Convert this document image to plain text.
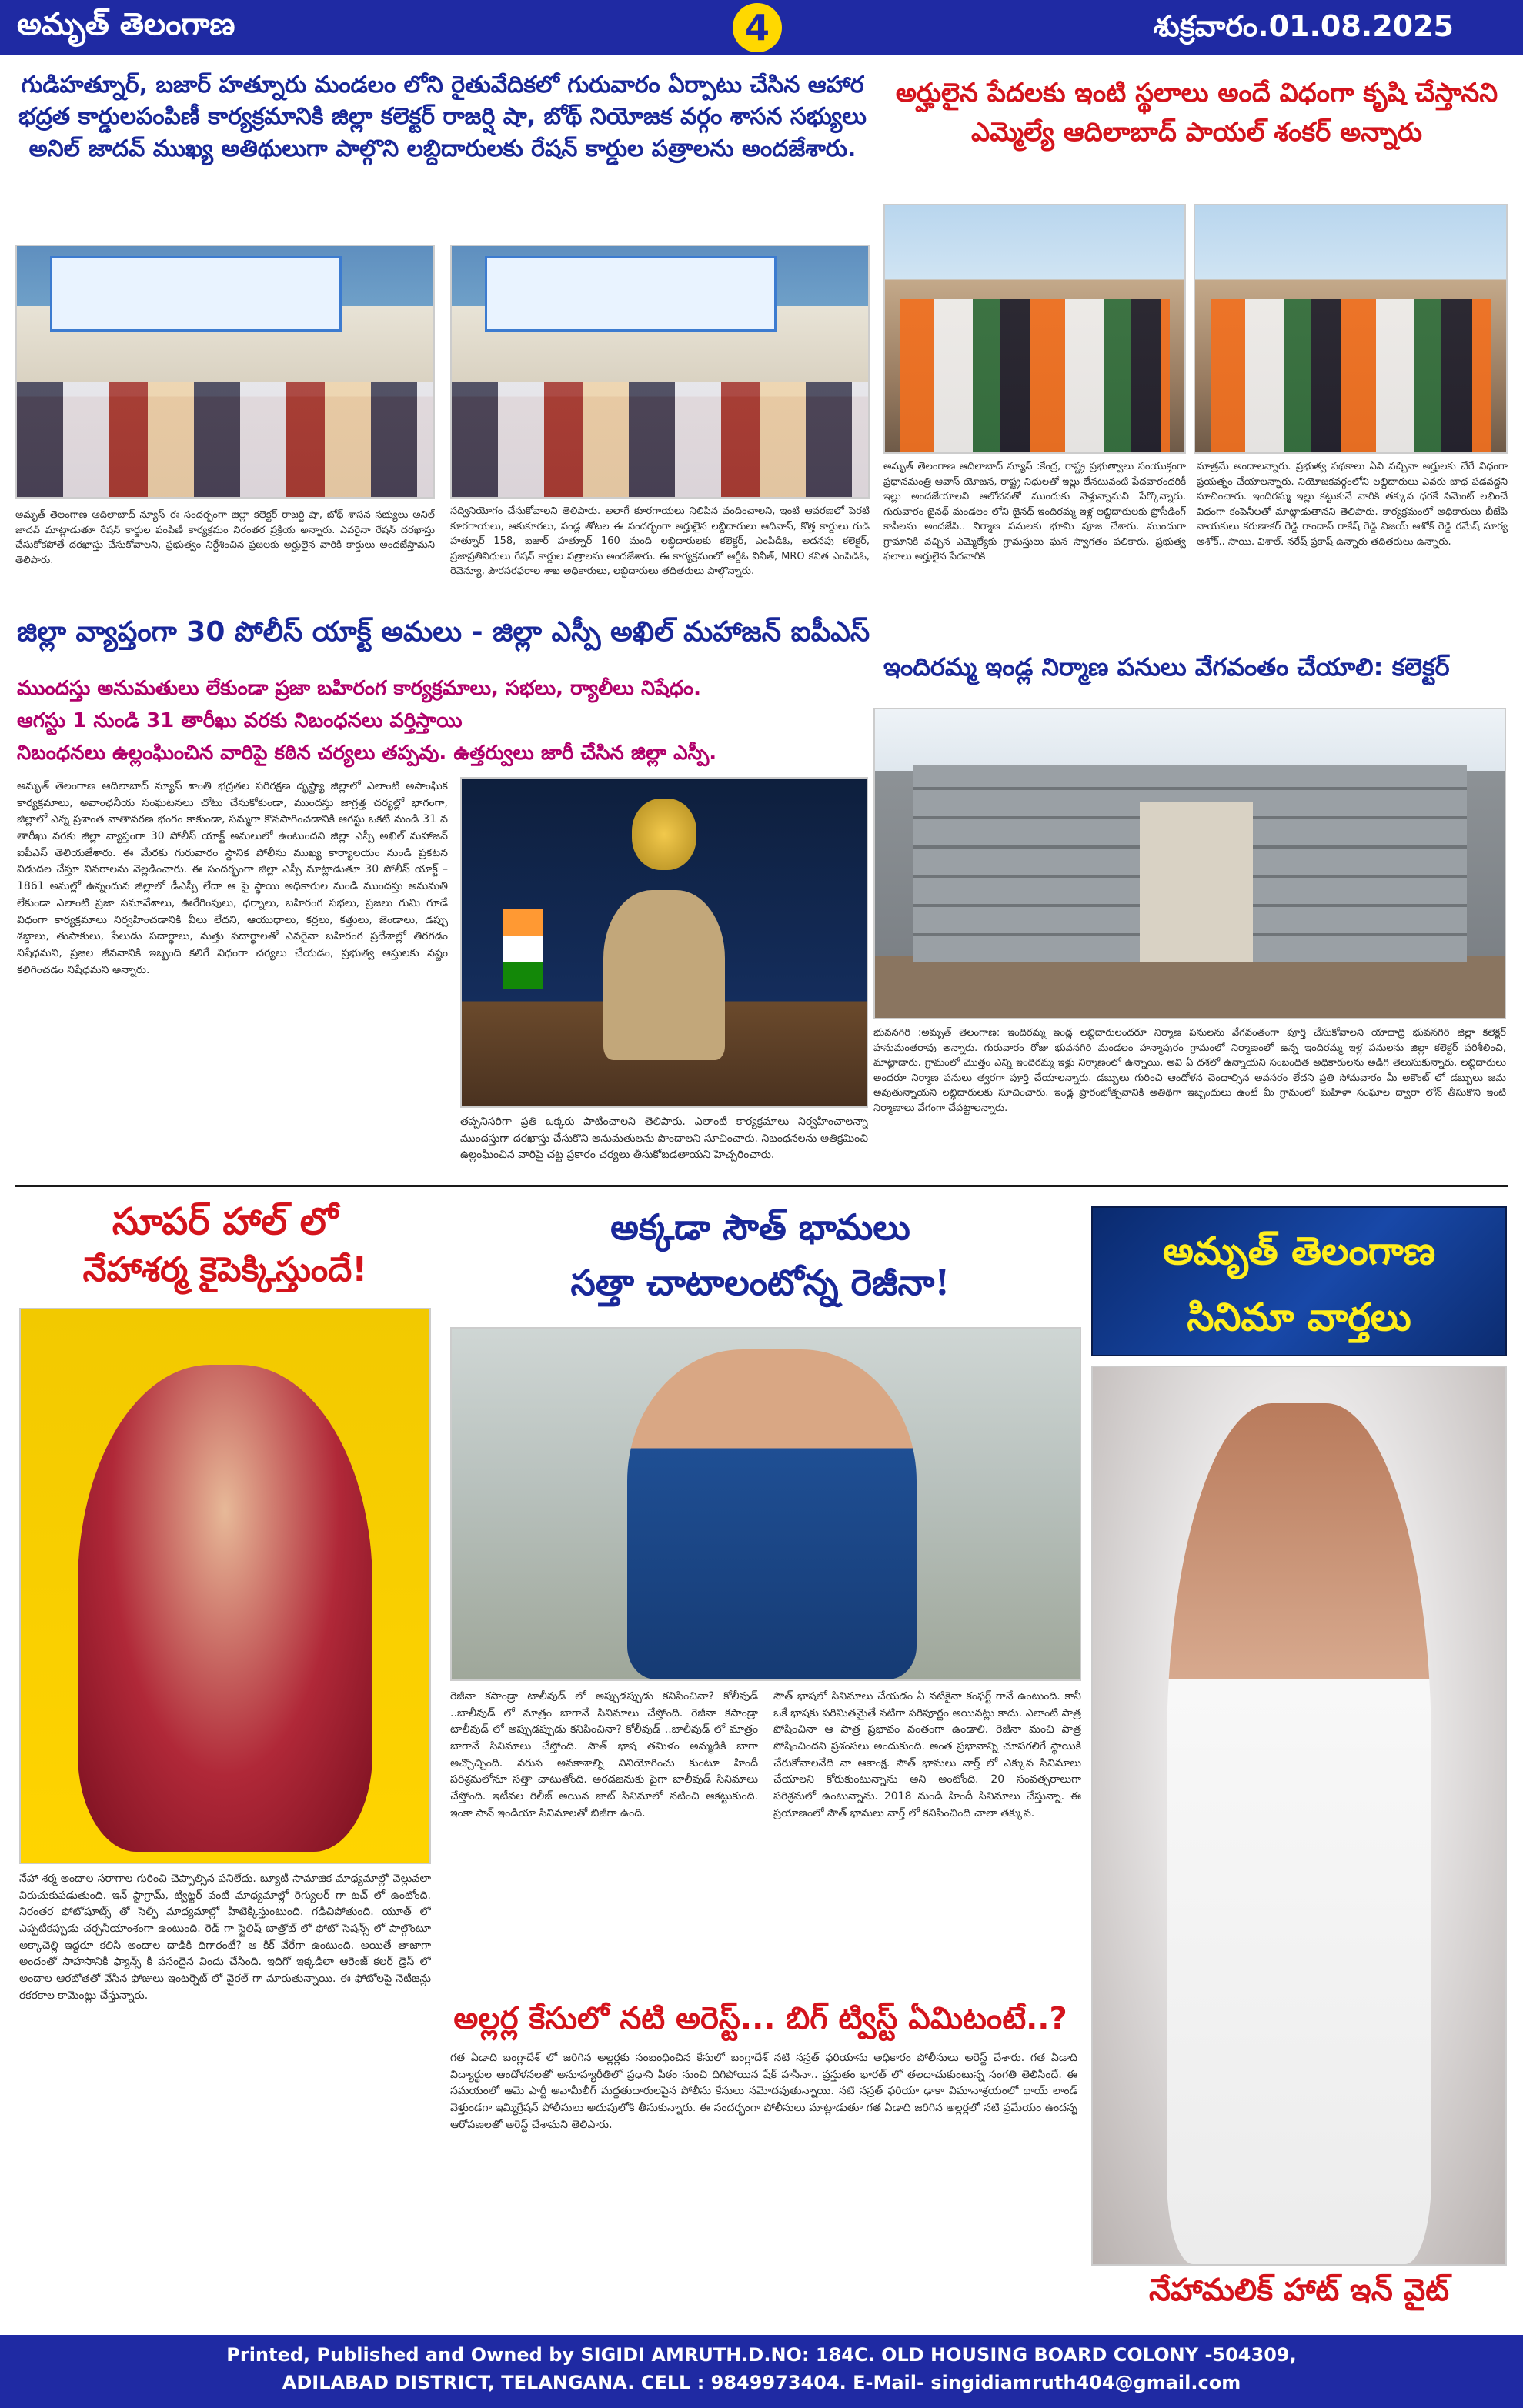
అమృత్ తెలంగాణ	4	శుక్రవారం.01.08.2025
గుడిహత్నూర్, బజార్ హత్నూరు మండలం లోని రైతువేదికలో గురువారం ఏర్పాటు చేసిన ఆహార భద్రత కార్డులపంపిణీ కార్యక్రమానికి జిల్లా కలెక్టర్ రాజర్షి షా, బోథ్ నియోజక వర్గం శాసన సభ్యులు అనిల్ జాదవ్ ముఖ్య అతిథులుగా పాల్గొని లబ్దిదారులకు రేషన్ కార్డుల పత్రాలను అందజేశారు.
అమృత్ తెలంగాణ ఆదిలాబాద్ న్యూస్ ఈ సందర్భంగా జిల్లా కలెక్టర్ రాజర్షి షా, బోథ్ శాసన సభ్యులు అనిల్ జాదవ్ మాట్లాడుతూ రేషన్ కార్డుల పంపిణీ కార్యక్రమం నిరంతర ప్రక్రియ అన్నారు. ఎవరైనా రేషన్ దరఖాస్తు చేసుకోకపోతే దరఖాస్తు చేసుకోవాలని, ప్రభుత్వం నిర్దేశించిన ప్రజలకు అర్హులైన వారికి కార్డులు అందజేస్తామని తెలిపారు.
సద్వినియోగం చేసుకోవాలని తెలిపారు. అలాగే కూరగాయలు నిలిపిన వందించాలని, ఇంటి ఆవరణలో పెరటి కూరగాయలు, ఆకుకూరలు, పండ్ల తోటల ఈ సందర్భంగా అర్హులైన లబ్దిదారులు ఆదివాస్, కొత్త కార్డులు గుడి హత్నూర్ 158, బజార్ హత్నూర్ 160 మంది లబ్ధిదారులకు కలెక్టర్, ఎంపిడిఓ, అదనపు కలెక్టర్, ప్రజాప్రతినిధులు రేషన్ కార్డుల పత్రాలను అందజేశారు. ఈ కార్యక్రమంలో ఆర్డీఓ వినీత్, MRO కవిత ఎంపిడిఓ, రెవెన్యూ, పౌరసరఫరాల శాఖ అధికారులు, లబ్దిదారులు తదితరులు పాల్గొన్నారు.
అర్హులైన పేదలకు ఇంటి స్థలాలు అందే విధంగా కృషి చేస్తానని ఎమ్మెల్యే ఆదిలాబాద్ పాయల్ శంకర్ అన్నారు
అమృత్ తెలంగాణ ఆదిలాబాద్ న్యూస్ :కేంద్ర, రాష్ట్ర ప్రభుత్వాలు సంయుక్తంగా ప్రధానమంత్రి ఆవాస్ యోజన, రాష్ట్ర నిధులతో ఇల్లు లేనటువంటి పేదవారందరికీ ఇల్లు అందజేయాలని ఆలోచనతో ముందుకు వెళ్తున్నామని పేర్కొన్నారు. గురువారం జైనథ్ మండలం లోని జైనథ్ ఇందిరమ్మ ఇళ్ల లబ్దిదారులకు ప్రొసీడింగ్ కాపీలను అందజేసి.. నిర్మాణ పనులకు భూమి పూజ చేశారు. ముందుగా గ్రామానికి వచ్చిన ఎమ్మెల్యేకు గ్రామస్తులు ఘన స్వాగతం పలికారు. ప్రభుత్వ ఫలాలు అర్హులైన పేదవారికి
మాత్రమే అందాలన్నారు. ప్రభుత్వ పథకాలు ఏవి వచ్చినా అర్హులకు చేరే విధంగా ప్రయత్నం చేయాలన్నారు. నియోజకవర్గంలోని లబ్దిదారులు ఎవరు బాధ పడవద్దని సూచించారు. ఇందిరమ్మ ఇల్లు కట్టుకునే వారికి తక్కువ ధరకే సిమెంట్ లభించే విధంగా కంపెనీలతో మాట్లాడుతానని తెలిపారు. కార్యక్రమంలో అధికారులు బీజేపి నాయకులు కరుణాకర్ రెడ్డి రాందాస్ రాకేష్ రెడ్డి విజయ్ ఆశోక్ రెడ్డి రమేష్ సూర్య అశోక్.. సాయి. విశాల్. నరేష్ ప్రకాష్ ఉన్నారు తదితరులు ఉన్నారు.
జిల్లా వ్యాప్తంగా 30 పోలీస్ యాక్ట్ అమలు - జిల్లా ఎస్పీ అఖిల్ మహాజన్ ఐపీఎస్
ముందస్తు అనుమతులు లేకుండా ప్రజా బహిరంగ కార్యక్రమాలు, సభలు, ర్యాలీలు నిషేధం.
ఆగస్టు 1 నుండి 31 తారీఖు వరకు నిబంధనలు వర్తిస్తాయి
నిబంధనలు ఉల్లంఘించిన వారిపై కఠిన చర్యలు తప్పవు. ఉత్తర్వులు జారీ చేసిన జిల్లా ఎస్పీ.
అమృత్ తెలంగాణ ఆదిలాబాద్ న్యూస్ శాంతి భద్రతల పరిరక్షణ దృష్ట్యా జిల్లాలో ఎలాంటి అసాంఘిక కార్యక్రమాలు, అవాంఛనీయ సంఘటనలు చోటు చేసుకోకుండా, ముందస్తు జాగ్రత్త చర్యల్లో భాగంగా, జిల్లాలో ఎన్న ప్రశాంత వాతావరణ భంగం కాకుండా, సమ్మగా కొనసాగించడానికి ఆగస్టు ఒకటి నుండి 31 వ తారీఖు వరకు జిల్లా వ్యాప్తంగా 30 పోలీస్ యాక్ట్ అమలులో ఉంటుందని జిల్లా ఎస్పీ అఖిల్ మహాజన్ ఐపీఎస్ తెలియజేశారు. ఈ మేరకు గురువారం స్థానిక పోలీసు ముఖ్య కార్యాలయం నుండి ప్రకటన విడుదల చేస్తూ వివరాలను వెల్లడించారు. ఈ సందర్భంగా జిల్లా ఎస్పీ మాట్లాడుతూ 30 పోలీస్ యాక్ట్ – 1861 అమల్లో ఉన్నందున జిల్లాలో డీఎస్పీ లేదా ఆ పై స్థాయి అధికారుల నుండి ముందస్తు అనుమతి లేకుండా ఎలాంటి ప్రజా సమావేశాలు, ఊరేగింపులు, ధర్నాలు, బహిరంగ సభలు, ప్రజలు గుమి గూడే విధంగా కార్యక్రమాలు నిర్వహించడానికి వీలు లేదని, ఆయుధాలు, కర్రలు, కత్తులు, జెండాలు, డప్పు శబ్దాలు, తుపాకులు, పేలుడు పదార్థాలు, మత్తు పదార్థాలతో ఎవరైనా బహిరంగ ప్రదేశాల్లో తిరగడం నిషేధమని, ప్రజల జీవనానికి ఇబ్బంది కలిగే విధంగా చర్యలు చేయడం, ప్రభుత్వ ఆస్తులకు నష్టం కలిగించడం నిషేధమని అన్నారు.
తప్పనిసరిగా ప్రతి ఒక్కరు పాటించాలని తెలిపారు. ఎలాంటి కార్యక్రమాలు నిర్వహించాలన్నా ముందస్తుగా దరఖాస్తు చేసుకొని అనుమతులను పొందాలని సూచించారు. నిబంధనలను అతిక్రమించి ఉల్లంఘించిన వారిపై చట్ట ప్రకారం చర్యలు తీసుకోబడతాయని హెచ్చరించారు.
ఇందిరమ్మ ఇండ్ల నిర్మాణ పనులు వేగవంతం చేయాలి: కలెక్టర్
భువనగిరి :అమృత్ తెలంగాణ: ఇందిరమ్మ ఇండ్ల లబ్ధిదారులందరూ నిర్మాణ పనులను వేగవంతంగా పూర్తి చేసుకోవాలని యాదాద్రి భువనగిరి జిల్లా కలెక్టర్ హనుమంతరావు అన్నారు. గురువారం రోజు భువనగిరి మండలం హన్మాపురం గ్రామంలో నిర్మాణంలో ఉన్న ఇందిరమ్మ ఇళ్ల పనులను జిల్లా కలెక్టర్ పరిశీలించి, మాట్లాడారు. గ్రామంలో మొత్తం ఎన్ని ఇందిరమ్మ ఇళ్లు నిర్మాణంలో ఉన్నాయి, అవి ఏ దశలో ఉన్నాయని సంబంధిత అధికారులను అడిగి తెలుసుకున్నారు. లబ్ధిదారులు అందరూ నిర్మాణ పనులు త్వరగా పూర్తి చేయాలన్నారు. డబ్బులు గురించి ఆందోళన చెందాల్సిన అవసరం లేదని ప్రతి సోమవారం మీ అకౌంట్ లో డబ్బులు జమ అవుతున్నాయని లబ్ధిదారులకు సూచించారు. ఇండ్ల ప్రారంభోత్సవానికి అతిథిగా ఇబ్బందులు ఉంటే మీ గ్రామంలో మహిళా సంఘాల ద్వారా లోన్ తీసుకొని ఇంటి నిర్మాణాలు వేగంగా చేపట్టాలన్నారు.
సూపర్ హాల్ లో
నేహాశర్మ కైపెక్కిస్తుందే!
నేహా శర్మ అందాల సరాగాల గురించి చెప్పాల్సిన పనిలేదు. బ్యూటీ సామాజిక మాధ్యమాల్లో వెల్లువలా విరుచుకుపడుతుంది. ఇన్ స్టాగ్రామ్, ట్విట్టర్ వంటి మాధ్యమాల్లో రెగ్యులర్ గా టచ్ లో ఉంటోంది. నిరంతర ఫోటోషూట్స్ తో సెల్ఫీ మాధ్యమాల్లో హీటెక్కిస్తుంటుంది. గడిచిపోతుంది. యూత్ లో ఎప్పటికప్పుడు చర్చనీయాంశంగా ఉంటుంది. రెడ్ గా స్టైలిష్ బాత్రోబ్ లో ఫోటో సెషన్స్ లో పాల్గొంటూ అక్కాచెల్లి ఇద్దరూ కలిసి అందాల దాడికి దిగారంటే? ఆ కిక్ వేరేగా ఉంటుంది. అయితే తాజాగా అందంతో సాహసానికి ఫ్యాన్స్ కి పసందైన విందు చేసింది. ఇదిగో ఇక్కడిలా ఆరెంజ్ కలర్ డ్రెస్ లో అందాల ఆరబోతతో వేసిన ఫోజులు ఇంటర్నెట్ లో వైరల్ గా మారుతున్నాయి. ఈ ఫోటోలపై నెటిజన్లు రకరకాల కామెంట్లు చేస్తున్నారు.
అక్కడా సౌత్ భామలు
సత్తా చాటాలంటోన్న రెజీనా!
రెజీనా కసాండ్రా టాలీవుడ్ లో అప్పుడప్పుడు కనిపించినా? కోలీవుడ్ ..బాలీవుడ్ లో మాత్రం బాగానే సినిమాలు చేస్తోంది. రెజీనా కసాండ్రా టాలీవుడ్ లో అప్పుడప్పుడు కనిపించినా? కోలీవుడ్ ..బాలీవుడ్ లో మాత్రం బాగానే సినిమాలు చేస్తోంది. సౌత్ భాష తమిళం అమ్మడికి బాగా అచ్చొచ్చింది. వరుస అవకాశాల్ని వినియోగించు కుంటూ హిందీ పరిశ్రమలోనూ సత్తా చాటుతోంది. అరడజనుకు పైగా బాలీవుడ్ సినిమాలు చేస్తోంది. ఇటీవల రిలీజ్ అయిన జాట్ సినిమాలో నటించి ఆకట్టుకుంది. ఇంకా పాన్ ఇండియా సినిమాలతో బిజీగా ఉంది.
సౌత్ భాషలో సినిమాలు చేయడం ఏ నటికైనా కంఫర్ట్ గానే ఉంటుంది. కానీ ఒకే భాషకు పరిమితమైతే నటిగా పరిపూర్ణం అయినట్లు కాదు. ఎలాంటి పాత్ర పోషించినా ఆ పాత్ర ప్రభావం వంతంగా ఉండాలి. రెజీనా మంచి పాత్ర పోషించిందని ప్రశంసలు అందుకుంది. అంత ప్రభావాన్ని చూపగలిగే స్థాయికి చేరుకోవాలనేది నా ఆకాంక్ష. సౌత్ భామలు నార్త్ లో ఎక్కువ సినిమాలు చేయాలని కోరుకుంటున్నాను అని అంటోంది. 20 సంవత్సరాలుగా పరిశ్రమలో ఉంటున్నాను. 2018 నుండి హిందీ సినిమాలు చేస్తున్నా. ఈ ప్రయాణంలో సౌత్ భామలు నార్త్ లో కనిపించింది చాలా తక్కువ.
అల్లర్ల కేసులో నటి అరెస్ట్... బిగ్ ట్విస్ట్ ఏమిటంటే..?
గత ఏడాది బంగ్లాదేశ్ లో జరిగిన అల్లర్లకు సంబంధించిన కేసులో బంగ్లాదేశ్ నటి నస్రత్ ఫరియాను అధికారం పోలీసులు అరెస్ట్ చేశారు. గత ఏడాది విద్యార్థుల ఆందోళనలతో అనూహ్యరీతిలో ప్రధాని పీఠం నుంచి దిగిపోయిన షేక్ హసీనా.. ప్రస్తుతం భారత్ లో తలదాచుకుంటున్న సంగతి తెలిసిందే. ఈ సమయంలో ఆమె పార్టీ అవామీలీగ్ మద్దతుదారులపైన పోలీసు కేసులు నమోదవుతున్నాయి. నటి నస్రత్ ఫరియా ఢాకా విమానాశ్రయంలో థాయ్ లాండ్ వెళ్తుండగా ఇమ్మిగ్రేషన్ పోలీసులు అదుపులోకి తీసుకున్నారు. ఈ సందర్భంగా పోలీసులు మాట్లాడుతూ గత ఏడాది జరిగిన అల్లర్లలో నటి ప్రమేయం ఉందన్న ఆరోపణలతో అరెస్ట్ చేశామని తెలిపారు.
అమృత్ తెలంగాణ
సినిమా వార్తలు
నేహామలిక్ హాట్ ఇన్ వైట్
Printed, Published and Owned by SIGIDI AMRUTH.D.NO: 184C. OLD HOUSING BOARD COLONY -504309,
ADILABAD DISTRICT, TELANGANA. CELL : 9849973404. E-Mail- singidiamruth404@gmail.com
